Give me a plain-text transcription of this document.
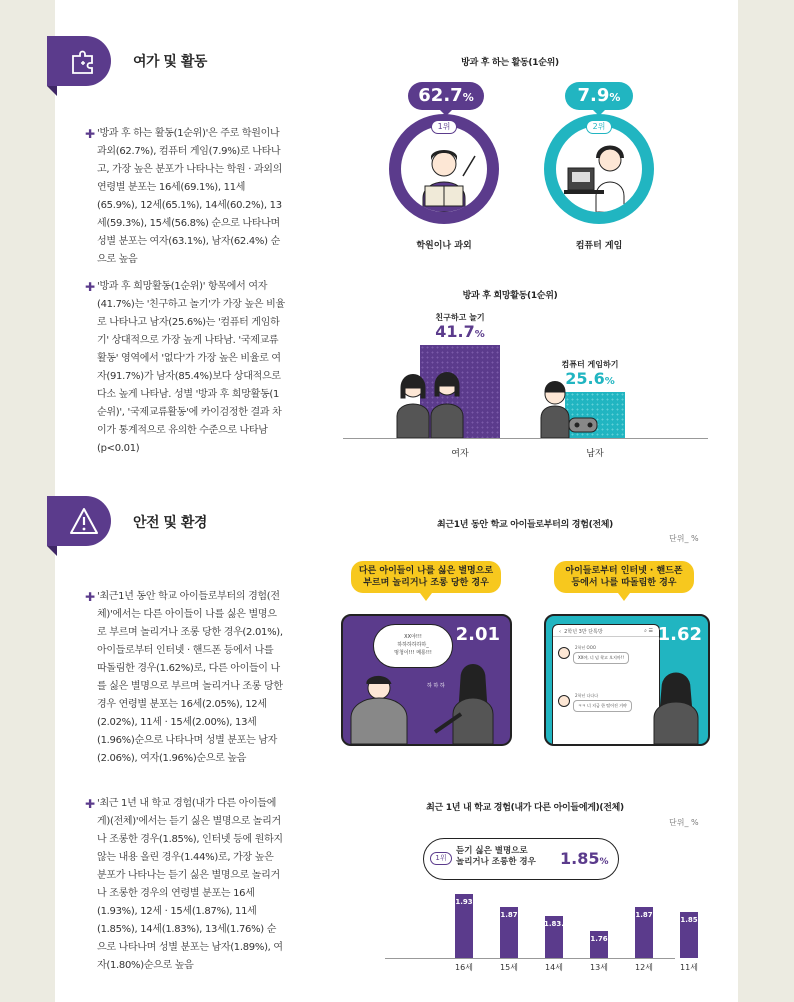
여가 및 활동
✚ '방과 후 하는 활동(1순위)'은 주로 학원이나 과외(62.7%), 컴퓨터 게임(7.9%)로 나타나고, 가장 높은 분포가 나타나는 학원 · 과외의 연령별 분포는 16세(69.1%), 11세(65.9%), 12세(65.1%), 14세(60.2%), 13세(59.3%), 15세(56.8%) 순으로 나타나며 성별 분포는 여자(63.1%), 남자(62.4%) 순으로 높음
✚ '방과 후 희망활동(1순위)' 항목에서 여자(41.7%)는 '친구하고 놀기'가 가장 높은 비율로 나타나고 남자(25.6%)는 '컴퓨터 게임하기' 상대적으로 가장 높게 나타남. '국제교류활동' 영역에서 '없다'가 가장 높은 비율로 여자(91.7%)가 남자(85.4%)보다 상대적으로 다소 높게 나타남. 성별 '방과 후 희망활동(1순위)', '국제교류활동'에 카이검정한 결과 차이가 통계적으로 유의한 수준으로 나타남(p<0.01)
방과 후 하는 활동(1순위)
62.7%
1위
학원이나 과외
7.9%
2위
컴퓨터 게임
방과 후 희망활동(1순위)
친구하고 놀기
41.7%
컴퓨터 게임하기
25.6%
여자	남자
안전 및 환경
✚ '최근1년 동안 학교 아이들로부터의 경험(전체)'에서는 다른 아이들이 나를 싫은 별명으로 부르며 놀리거나 조롱 당한 경우(2.01%), 아이들로부터 인터넷 · 핸드폰 등에서 나를 따돌림한 경우(1.62%)로, 다른 아이들이 나를 싫은 별명으로 부르며 놀리거나 조롱 당한 경우 연령별 분포는 16세(2.05%), 12세(2.02%), 11세 · 15세(2.00%), 13세(1.96%)순으로 나타나며 성별 분포는 남자(2.06%), 여자(1.96%)순으로 높음
✚ '최근 1년 내 학교 경험(내가 다른 아이들에게)(전체)'에서는 듣기 싫은 별명으로 놀리거나 조롱한 경우(1.85%), 인터넷 등에 원하지 않는 내용 올린 경우(1.44%)로, 가장 높은 분포가 나타나는 듣기 싫은 별명으로 놀리거나 조롱한 경우의 연령별 분포는 16세(1.93%), 12세 · 15세(1.87%), 11세(1.85%), 14세(1.83%), 13세(1.76%) 순으로 나타나며 성별 분포는 남자(1.89%), 여자(1.80%)순으로 높음
최근1년 동안 학교 아이들로부터의 경험(전체)
단위_ %
다른 아이들이 나를 싫은 별명으로
부르며 놀리거나 조롱 당한 경우
XX야!!!
하하하하하하_
멍청이!!! 메롱!!!
2.01
하 하 하
아이들로부터 인터넷 · 핸드폰
등에서 나를 따돌림한 경우
‹  2학년 3반 단톡방	⌕ ☰
2학년 OOO
XX야, 너 넘 착고 오지마!!
2학년 다다다
ㅋㅋ 너 지금 한 떨어진 거야
1.62
최근 1년 내 학교 경험(내가 다른 아이들에게)(전체)
단위_ %
1위
듣기 싫은 별명으로
놀리거나 조롱한 경우 1.85%
1.93
1.87
1.83.
1.76
1.87
1.85
16세	15세	14세	13세	12세	11세
